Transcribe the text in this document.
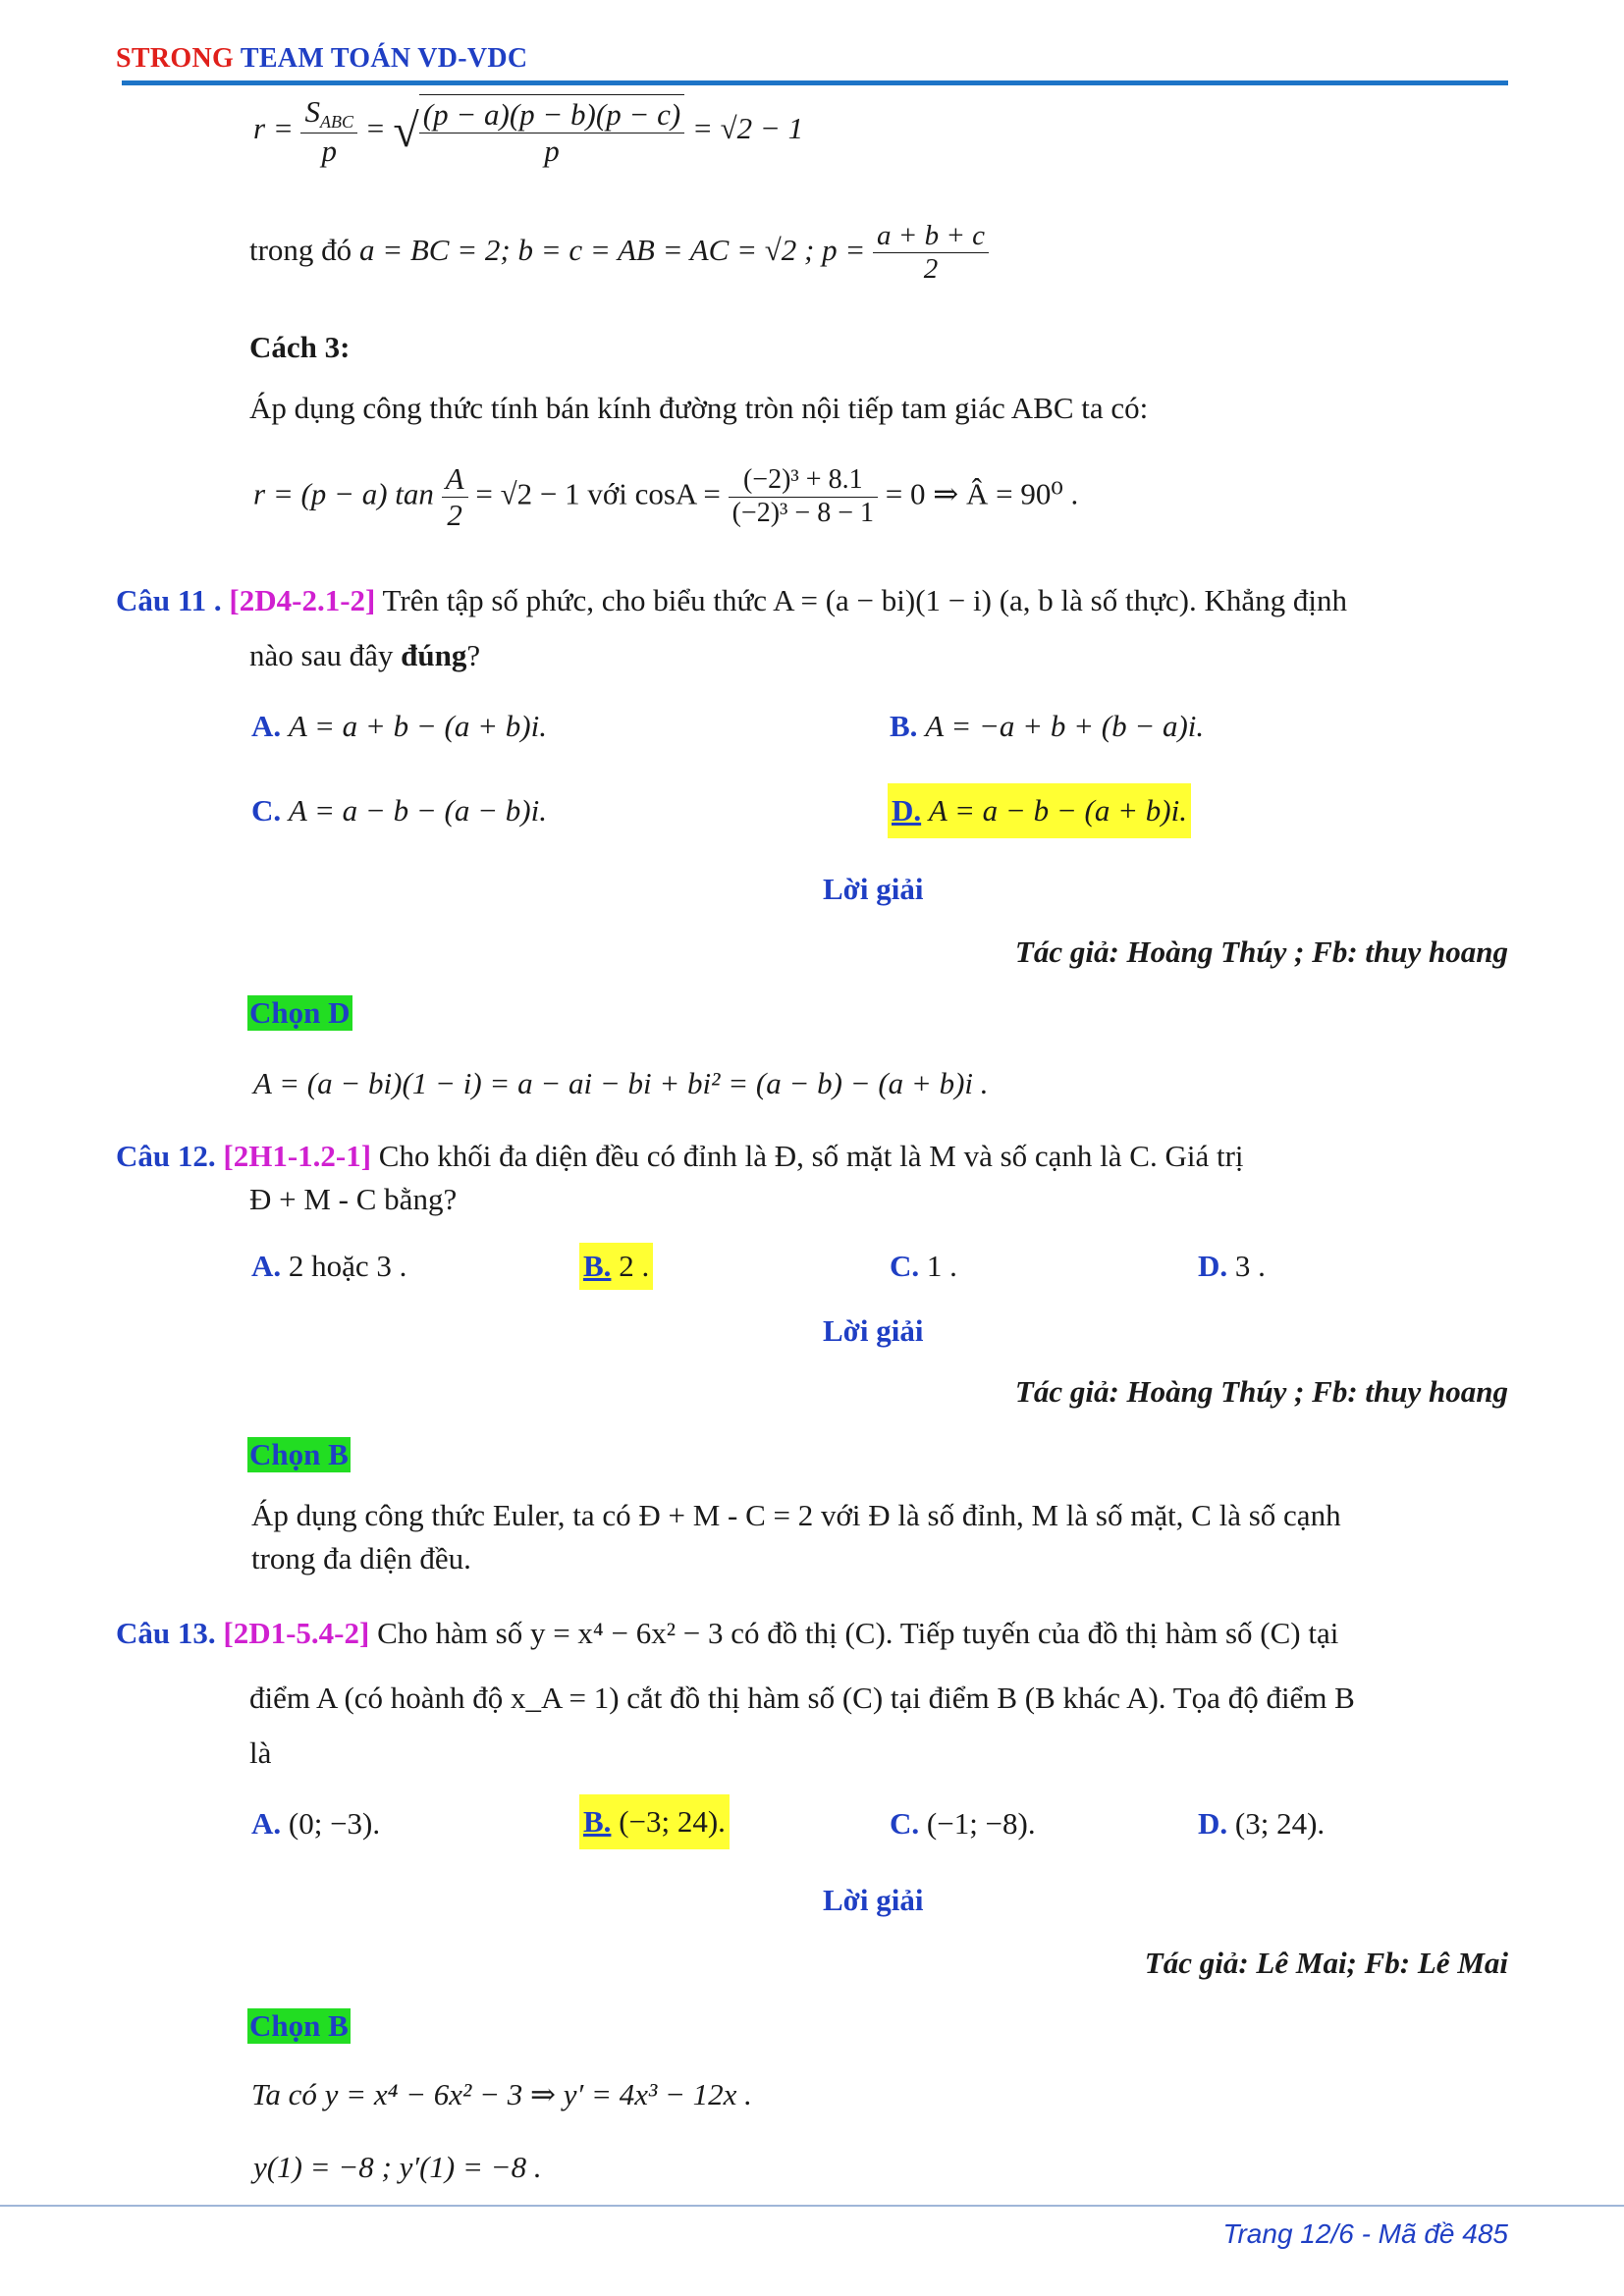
STRONG TEAM TOÁN VD-VDC
$r = \frac{S_{ABC}}{p}$ = √ $\frac{(p - a)(p - b)(p - c)}{p} = √2 - 1$
trong đó a = BC = 2; b = c = AB = AC = √2 ; $p = \frac{a + b + c}{2}$
Cách 3:
Áp dụng công thức tính bán kính đường tròn nội tiếp tam giác ABC ta có:
r = (p − a) $\tan \frac{A}{2} = √2 - 1$ với $\cos A = \frac{\text{(−2)³ + 8.1}}{\text{(−2)³ − 8 − 1}} = 0$ ⇒ Â = 90⁰ .
Câu 11 . [2D4-2.1-2] Trên tập số phức, cho biểu thức A = (a − bi)(1 − i) (a, b là số thực). Khẳng định
nào sau đây đúng?
A. A = a + b − (a + b)i.	B. A = −a + b + (b − a)i.
C. A = a − b − (a − b)i.	D. A = a − b − (a + b)i.
Lời giải
Tác giả: Hoàng Thúy ; Fb: thuy hoang
Chọn D
A = (a − bi)(1 − i) = a − ai − bi + bi² = (a − b) − (a + b)i .
Câu 12. [2H1-1.2-1] Cho khối đa diện đều có đỉnh là Đ, số mặt là M và số cạnh là C. Giá trị
Đ + M - C bằng?
A. 2 hoặc 3 .	B. 2 .	C. 1 .	D. 3 .
Lời giải
Tác giả: Hoàng Thúy ; Fb: thuy hoang
Chọn B
Áp dụng công thức Euler, ta có Đ + M - C = 2 với Đ là số đỉnh, M là số mặt, C là số cạnh
trong đa diện đều.
Câu 13. [2D1-5.4-2] Cho hàm số y = x⁴ − 6x² − 3 có đồ thị (C). Tiếp tuyến của đồ thị hàm số (C) tại
điểm A (có hoành độ x_A = 1) cắt đồ thị hàm số (C) tại điểm B (B khác A). Tọa độ điểm B
là
A. (0; −3).	B. (−3; 24).	C. (−1; −8).	D. (3; 24).
Lời giải
Tác giả: Lê Mai; Fb: Lê Mai
Chọn B
Ta có y = x⁴ − 6x² − 3 ⇒ y′ = 4x³ − 12x .
y(1) = −8 ; y′(1) = −8 .
Trang 12/6 - Mã đề 485
